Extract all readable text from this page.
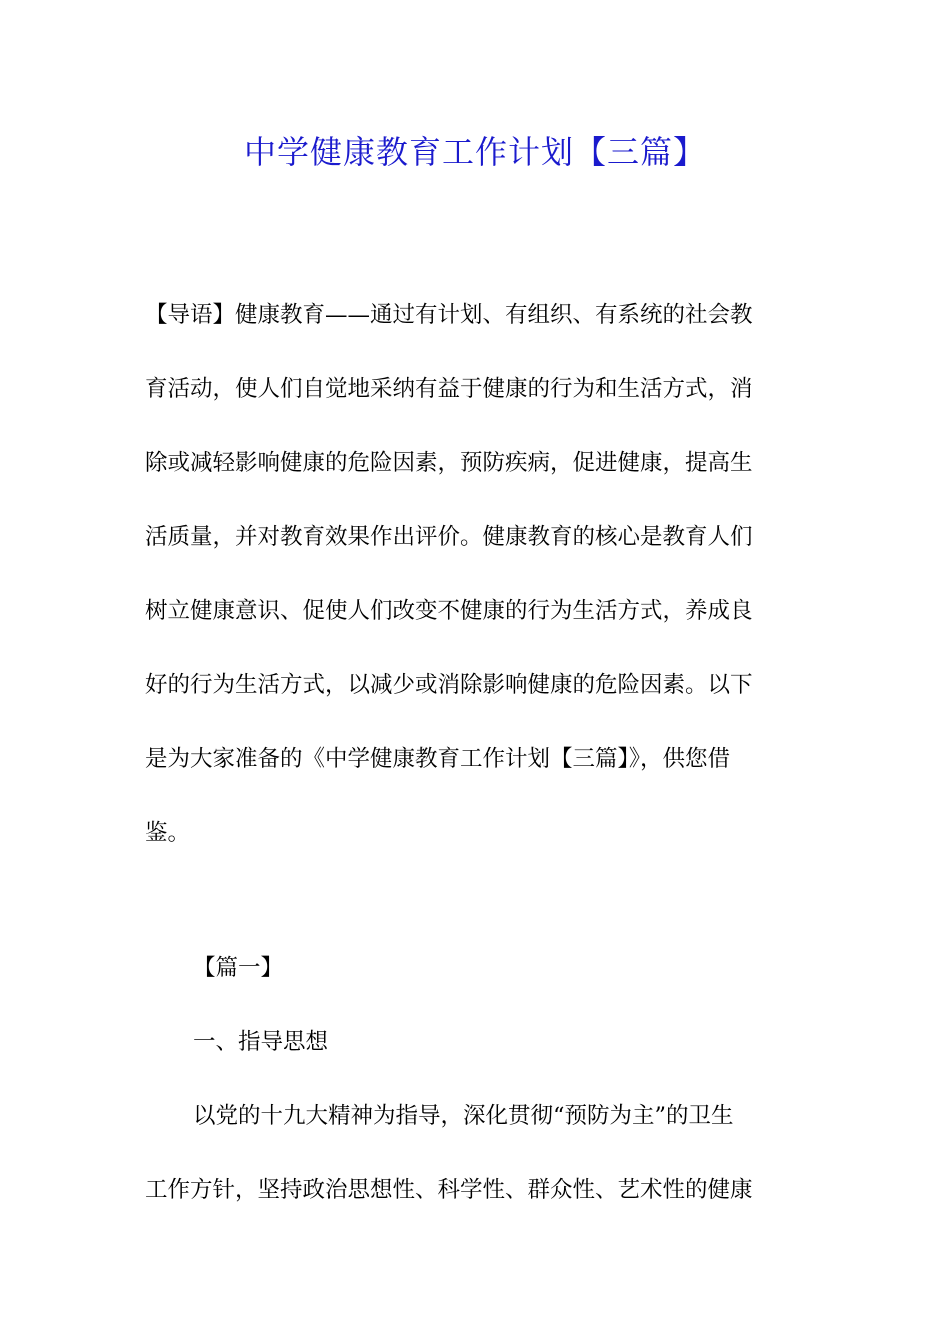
中学健康教育工作计划【三篇】

【导语】健康教育——通过有计划、有组织、有系统的社会教
育活动，使人们自觉地采纳有益于健康的行为和生活方式，消
除或减轻影响健康的危险因素，预防疾病，促进健康，提高生
活质量，并对教育效果作出评价。健康教育的核心是教育人们
树立健康意识、促使人们改变不健康的行为生活方式，养成良
好的行为生活方式，以减少或消除影响健康的危险因素。以下
是为大家准备的《中学健康教育工作计划【三篇】》，供您借
鉴。

【篇一】

一、指导思想

以党的十九大精神为指导，深化贯彻“预防为主”的卫生

工作方针，坚持政治思想性、科学性、群众性、艺术性的健康
